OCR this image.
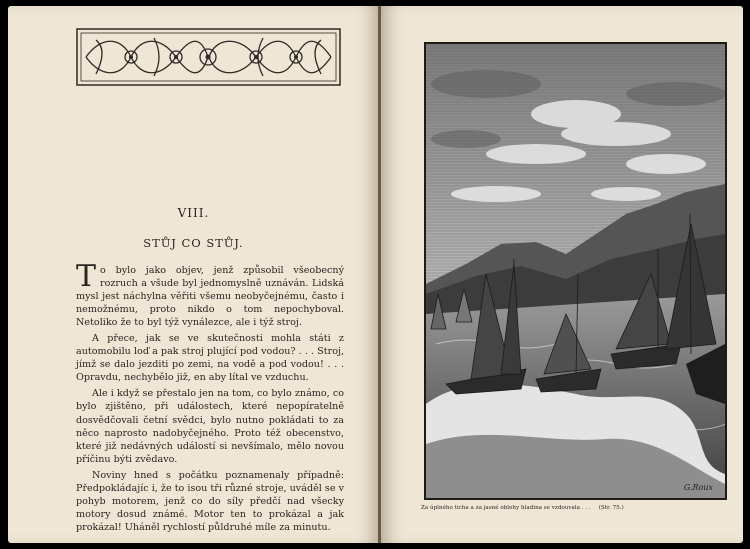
VIII.
STŮJ CO STŮJ.

To bylo jako objev, jenž způsobil všeobecný rozruch a všude byl jednomyslně uznáván. Lidská mysl jest náchylna věřiti všemu neobyčejnému, často i nemožnému, proto nikdo o tom nepochyboval. Netoliko že to byl týž vynálezce, ale i týž stroj.

A přece, jak se ve skutečnosti mohla státi z automobilu loď a pak stroj plující pod vodou? . . . Stroj, jímž se dalo jezditi po zemi, na vodě a pod vodou! . . . Opravdu, nechybělo již, en aby lítal ve vzduchu.

Ale i když se přestalo jen na tom, co bylo známo, co bylo zjištěno, při událostech, které nepopíratelně dosvědčovali četní svědci, bylo nutno pokládati to za něco naprosto nadobyčejného. Proto též obecenstvo, které již nedávných událostí si nevšímalo, mělo novou příčinu býti zvědavo.

Noviny hned s počátku poznamenaly případně: Předpokládajíc i, že to isou tři různé stroje, uváděl se v pohyb motorem, jenž co do síly předčí nad všecky motory dosud známé. Motor ten to prokázal a jak prokázal! Uháněl rychlostí půldruhé míle za minutu.

G.Roux
Za úplného ticha a za jasné oblohy hladina se vzdouvala . . . (Str. 75.)
